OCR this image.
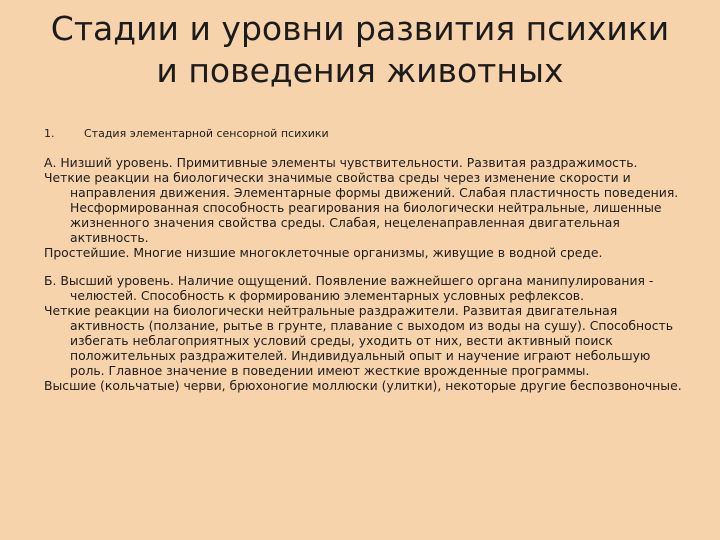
Стадии и уровни развития психики
и поведения животных
1.	Стадия элементарной сенсорной психики

А. Низший уровень. Примитивные элементы чувствительности. Развитая раздражимость.

Четкие реакции на биологически значимые свойства среды через изменение скорости и направления движения. Элементарные формы движений. Слабая пластичность поведения. Несформированная способность реагирования на биологически нейтральные, лишенные жизненного значения свойства среды. Слабая, нецеленаправленная двигательная активность.

Простейшие. Многие низшие многоклеточные организмы, живущие в водной среде.

Б. Высший уровень. Наличие ощущений. Появление важнейшего органа манипулирования - челюстей. Способность к формированию элементарных условных рефлексов.

Четкие реакции на биологически нейтральные раздражители. Развитая двигательная активность (ползание, рытье в грунте, плавание с выходом из воды на сушу). Способность избегать неблагоприятных условий среды, уходить от них, вести активный поиск положительных раздражителей. Индивидуальный опыт и научение играют небольшую роль. Главное значение в поведении имеют жесткие врожденные программы.

Высшие (кольчатые) черви, брюхоногие моллюски (улитки), некоторые другие беспозвоночные.
